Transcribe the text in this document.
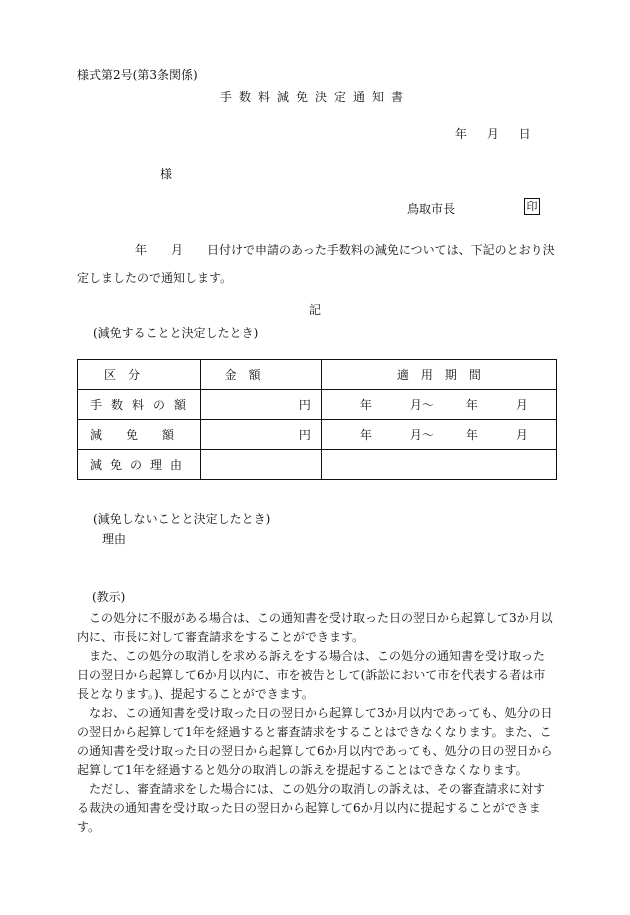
様式第2号(第3条関係)
手数料減免決定通知書
年 月 日
様
鳥取市長	印
年　　月　　日付けで申請のあった手数料の減免については、下記のとおり決定しましたので通知します。
記
(減免することと決定したとき)
区　分	金　額	適　用　期　間
手数料の額	円	年 月～ 年 月

減　免　額	円	年 月～ 年 月

減免の理由		
(減免しないことと決定したとき)
理由
(教示)

この処分に不服がある場合は、この通知書を受け取った日の翌日から起算して3か月以内に、市長に対して審査請求をすることができます。

また、この処分の取消しを求める訴えをする場合は、この処分の通知書を受け取った日の翌日から起算して6か月以内に、市を被告として(訴訟において市を代表する者は市長となります。)、提起することができます。

なお、この通知書を受け取った日の翌日から起算して3か月以内であっても、処分の日の翌日から起算して1年を経過すると審査請求をすることはできなくなります。また、この通知書を受け取った日の翌日から起算して6か月以内であっても、処分の日の翌日から起算して1年を経過すると処分の取消しの訴えを提起することはできなくなります。

ただし、審査請求をした場合には、この処分の取消しの訴えは、その審査請求に対する裁決の通知書を受け取った日の翌日から起算して6か月以内に提起することができます。
